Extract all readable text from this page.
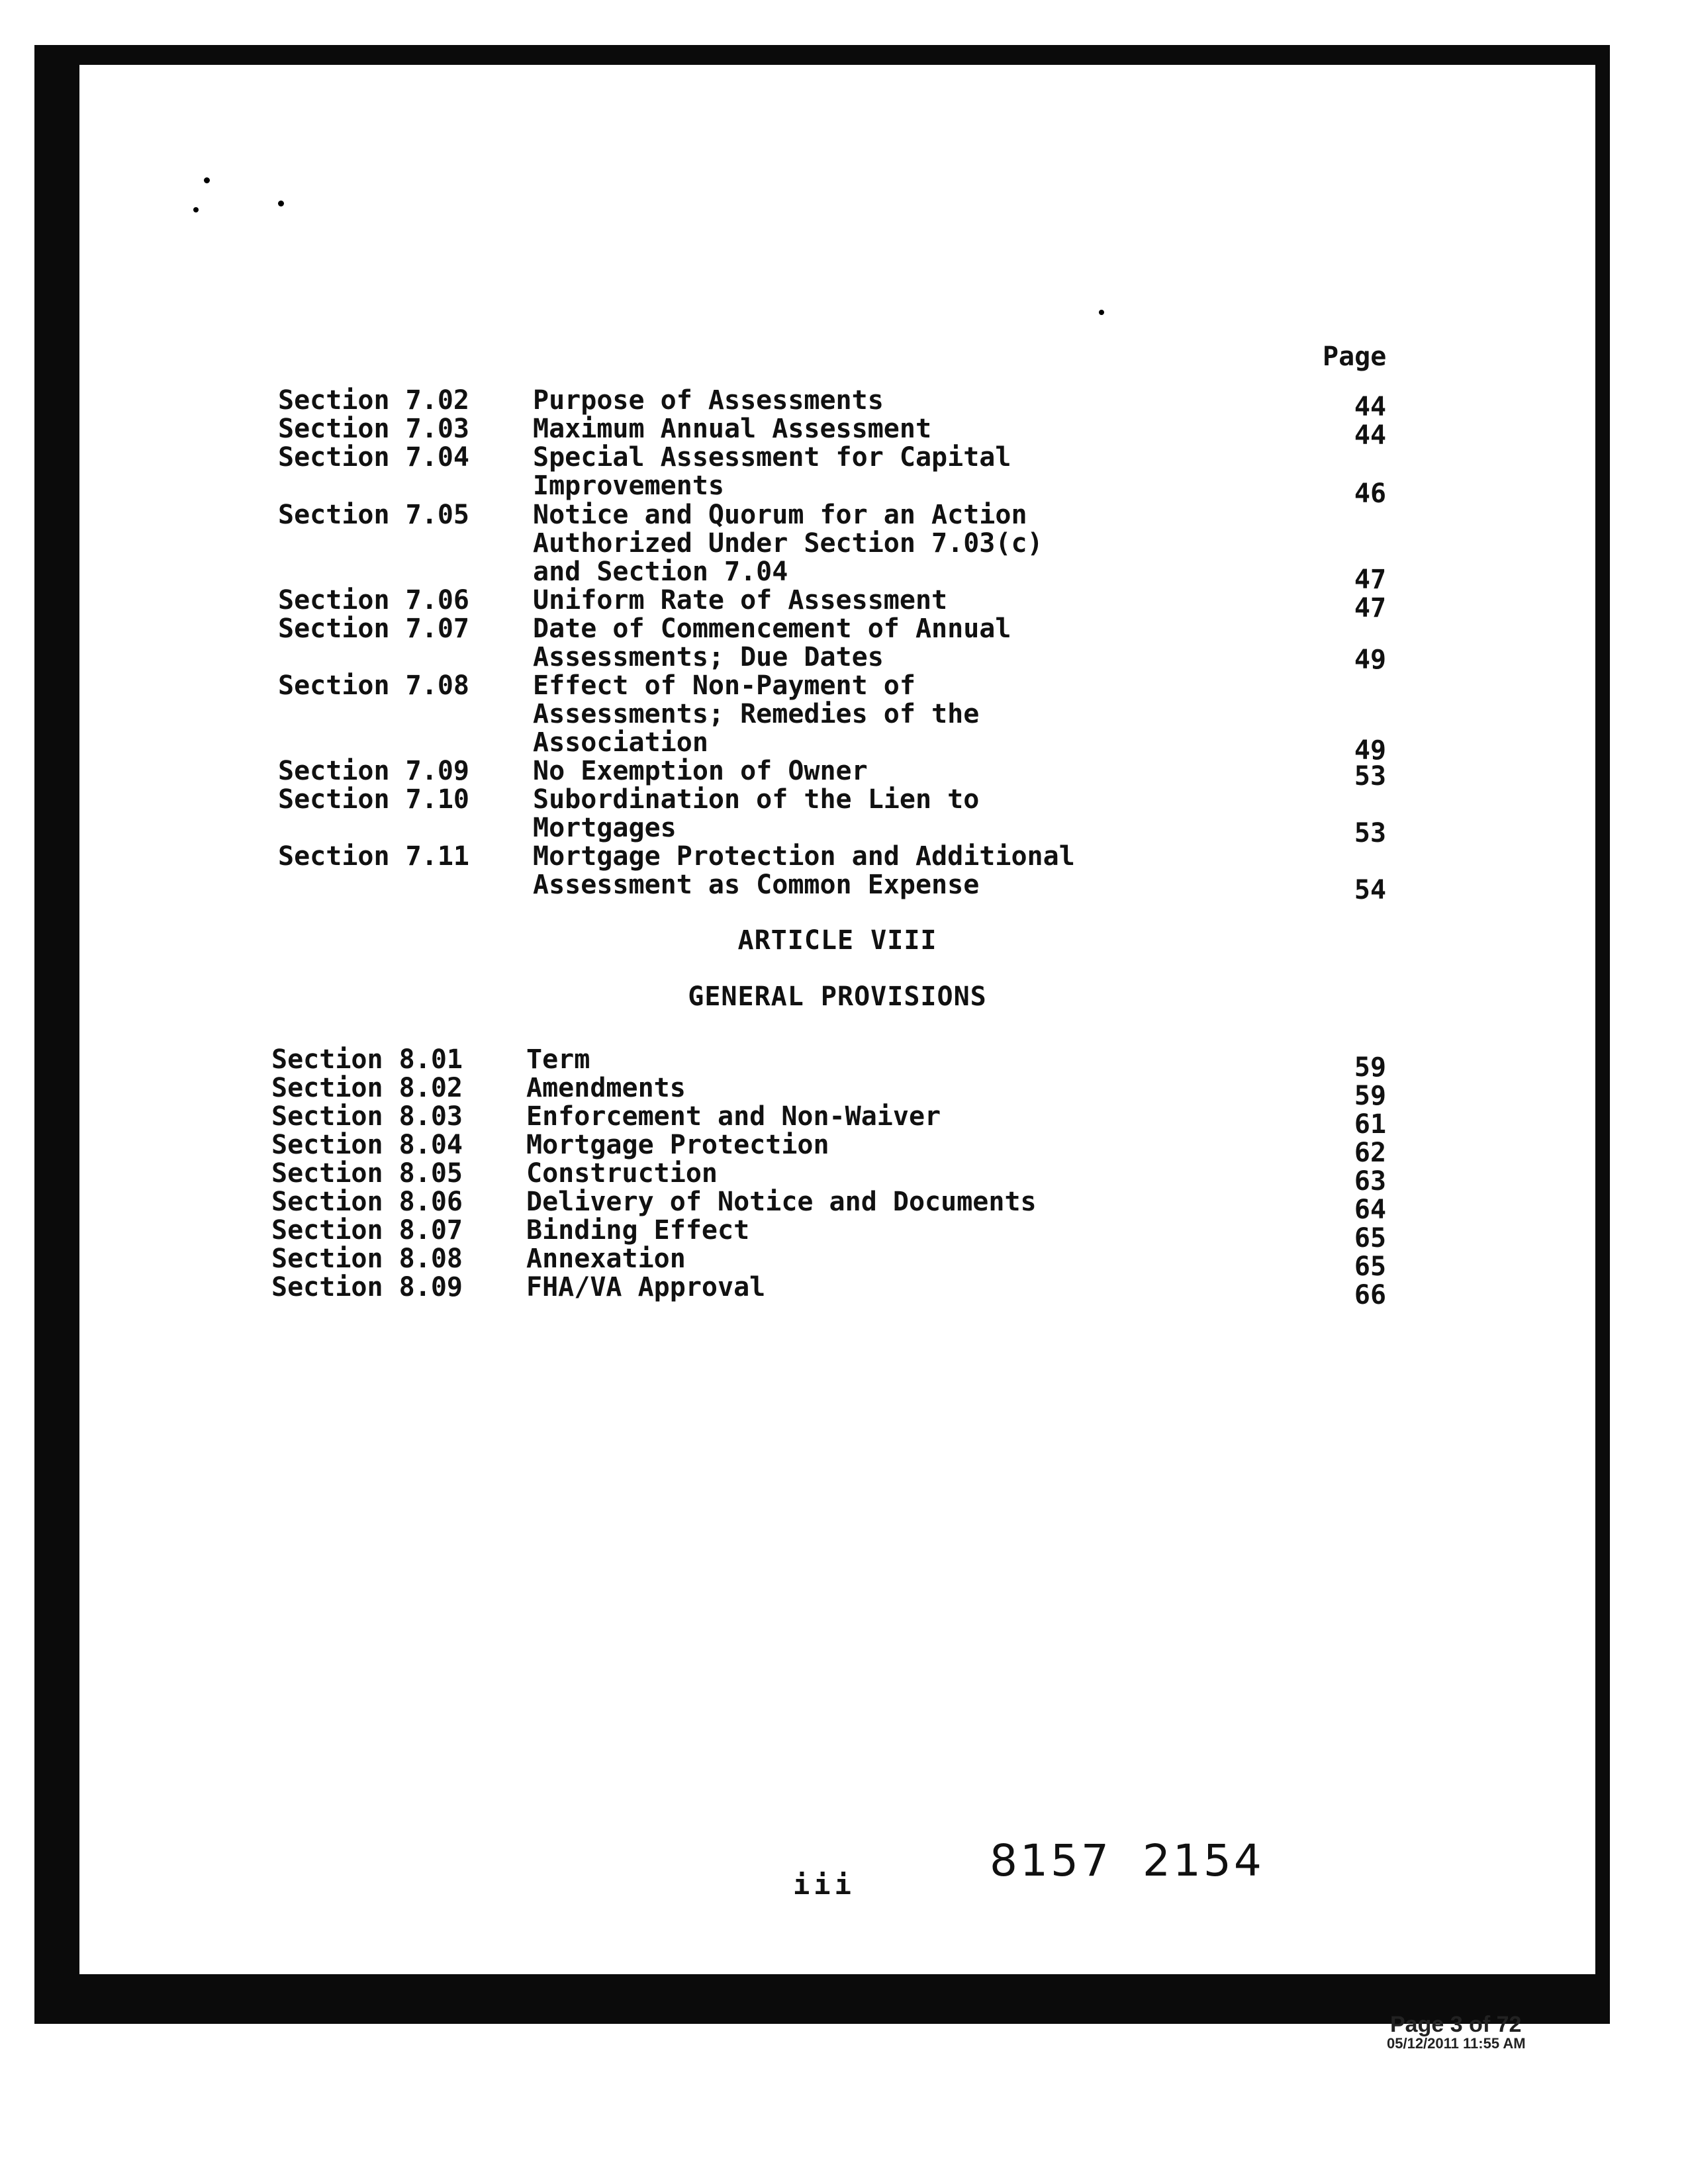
Page
Section 7.02 Purpose of Assessments	44
Section 7.03 Maximum Annual Assessment	44
Section 7.04 Special Assessment for Capital
Improvements	46
Section 7.05 Notice and Quorum for an Action
Authorized Under Section 7.03(c)
and Section 7.04	47
Section 7.06 Uniform Rate of Assessment	47
Section 7.07 Date of Commencement of Annual
Assessments; Due Dates	49
Section 7.08 Effect of Non-Payment of
Assessments; Remedies of the
Association	49
Section 7.09 No Exemption of Owner	53
Section 7.10 Subordination of the Lien to
Mortgages	53
Section 7.11 Mortgage Protection and Additional
Assessment as Common Expense	54
ARTICLE VIII
GENERAL PROVISIONS
Section 8.01 Term	59
Section 8.02 Amendments	59
Section 8.03 Enforcement and Non-Waiver	61
Section 8.04 Mortgage Protection	62
Section 8.05 Construction	63
Section 8.06 Delivery of Notice and Documents	64
Section 8.07 Binding Effect	65
Section 8.08 Annexation	65
Section 8.09 FHA/VA Approval	66
iii	8157 2154
Page 3 of 72
05/12/2011 11:55 AM
